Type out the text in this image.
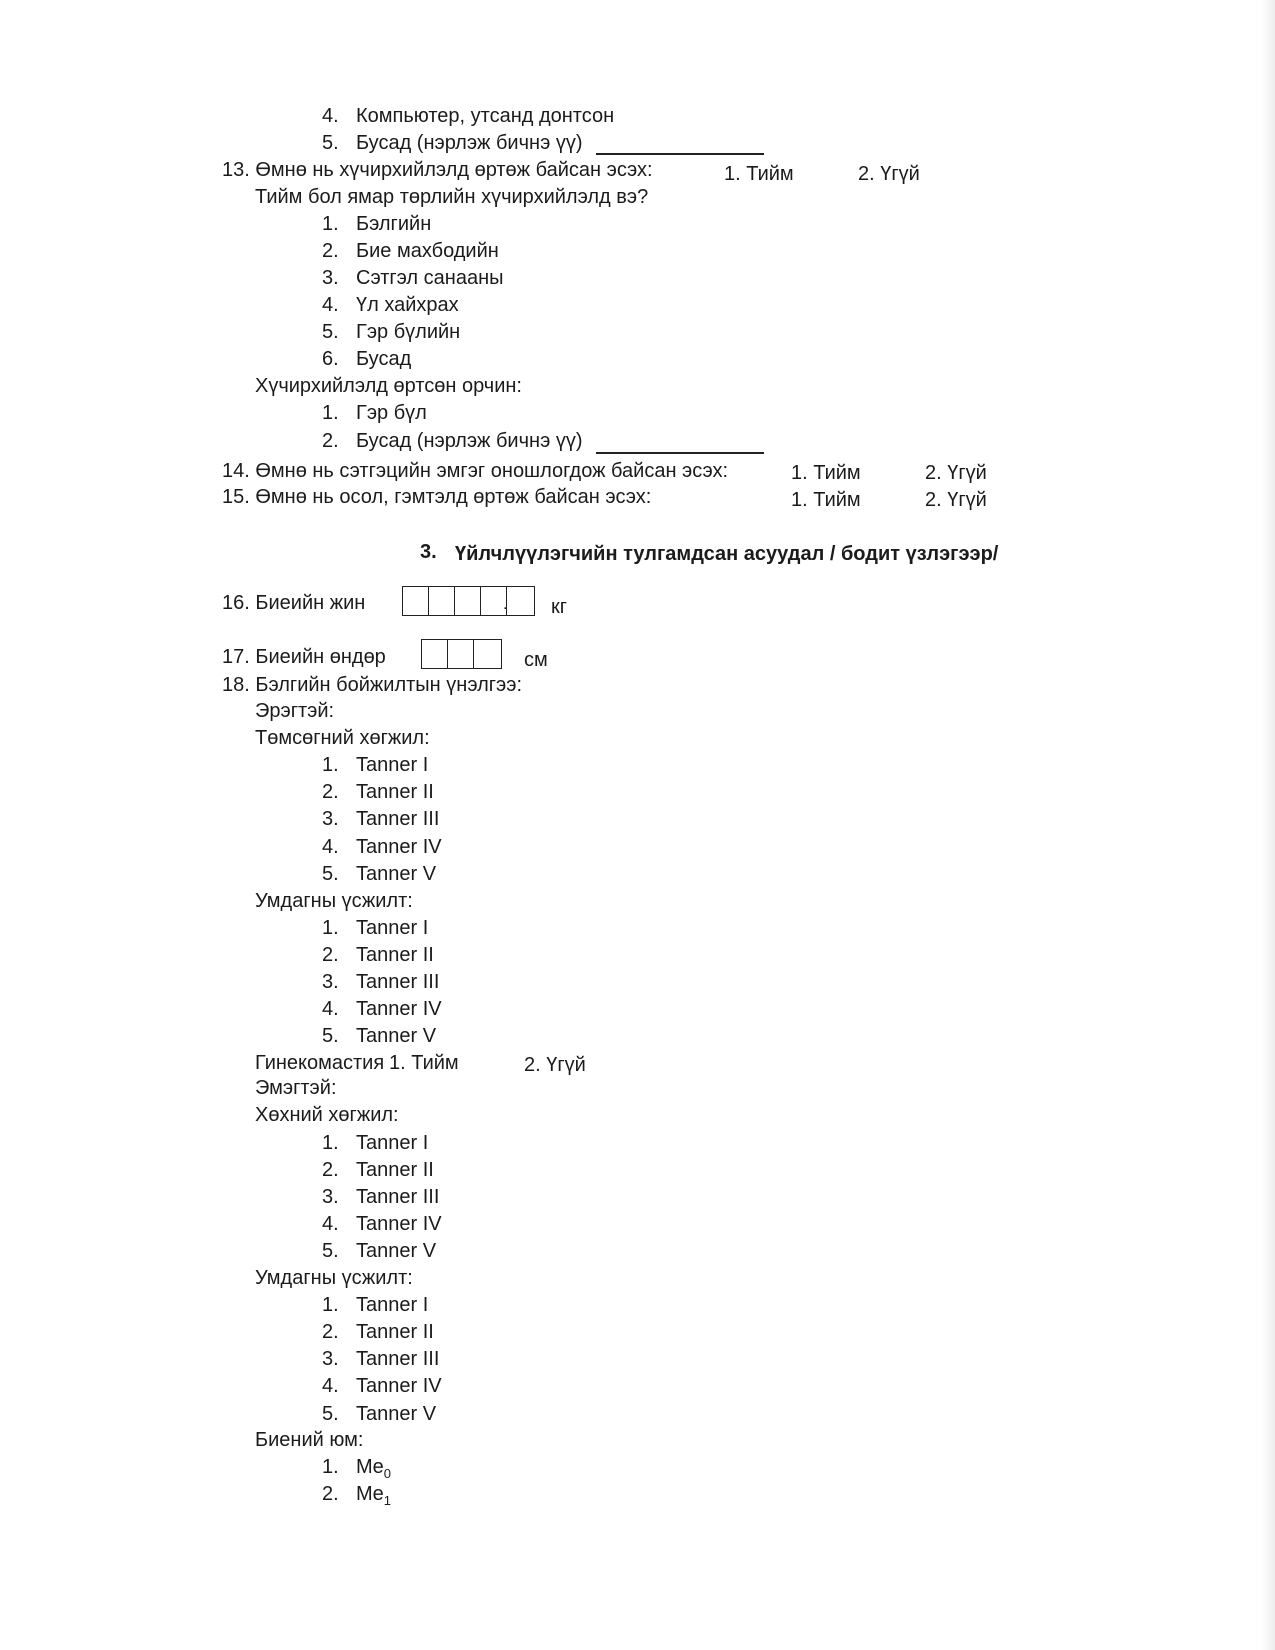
4. Компьютер, утсанд донтсон
5. Бусад (нэрлэж бичнэ үү)
13. Өмнө нь хүчирхийлэлд өртөж байсан эсэх:	1. Тийм	2. Үгүй
Тийм бол ямар төрлийн хүчирхийлэлд вэ?
1. Бэлгийн
2. Бие махбодийн
3. Сэтгэл санааны
4. Үл хайхрах
5. Гэр бүлийн
6. Бусад
Хүчирхийлэлд өртсөн орчин:
1. Гэр бүл
2. Бусад (нэрлэж бичнэ үү)
14. Өмнө нь сэтгэцийн эмгэг оношлогдож байсан эсэх:	1. Тийм	2. Үгүй
15. Өмнө нь осол, гэмтэлд өртөж байсан эсэх:	1. Тийм	2. Үгүй
3. Үйлчлүүлэгчийн тулгамдсан асуудал / бодит үзлэгээр/
16. Биеийн жин	. кг
17. Биеийн өндөр	см
18. Бэлгийн бойжилтын үнэлгээ:
Эрэгтэй:
Төмсөгний хөгжил:
1. Tanner I
2. Tanner II
3. Tanner III
4. Tanner IV
5. Tanner V
Умдагны үсжилт:
1. Tanner I
2. Tanner II
3. Tanner III
4. Tanner IV
5. Tanner V
Гинекомастия 1. Тийм	2. Үгүй
Эмэгтэй:
Хөхний хөгжил:
1. Tanner I
2. Tanner II
3. Tanner III
4. Tanner IV
5. Tanner V
Умдагны үсжилт:
1. Tanner I
2. Tanner II
3. Tanner III
4. Tanner IV
5. Tanner V
Биений юм:
1. $Me_0$
2. $Me_1$
